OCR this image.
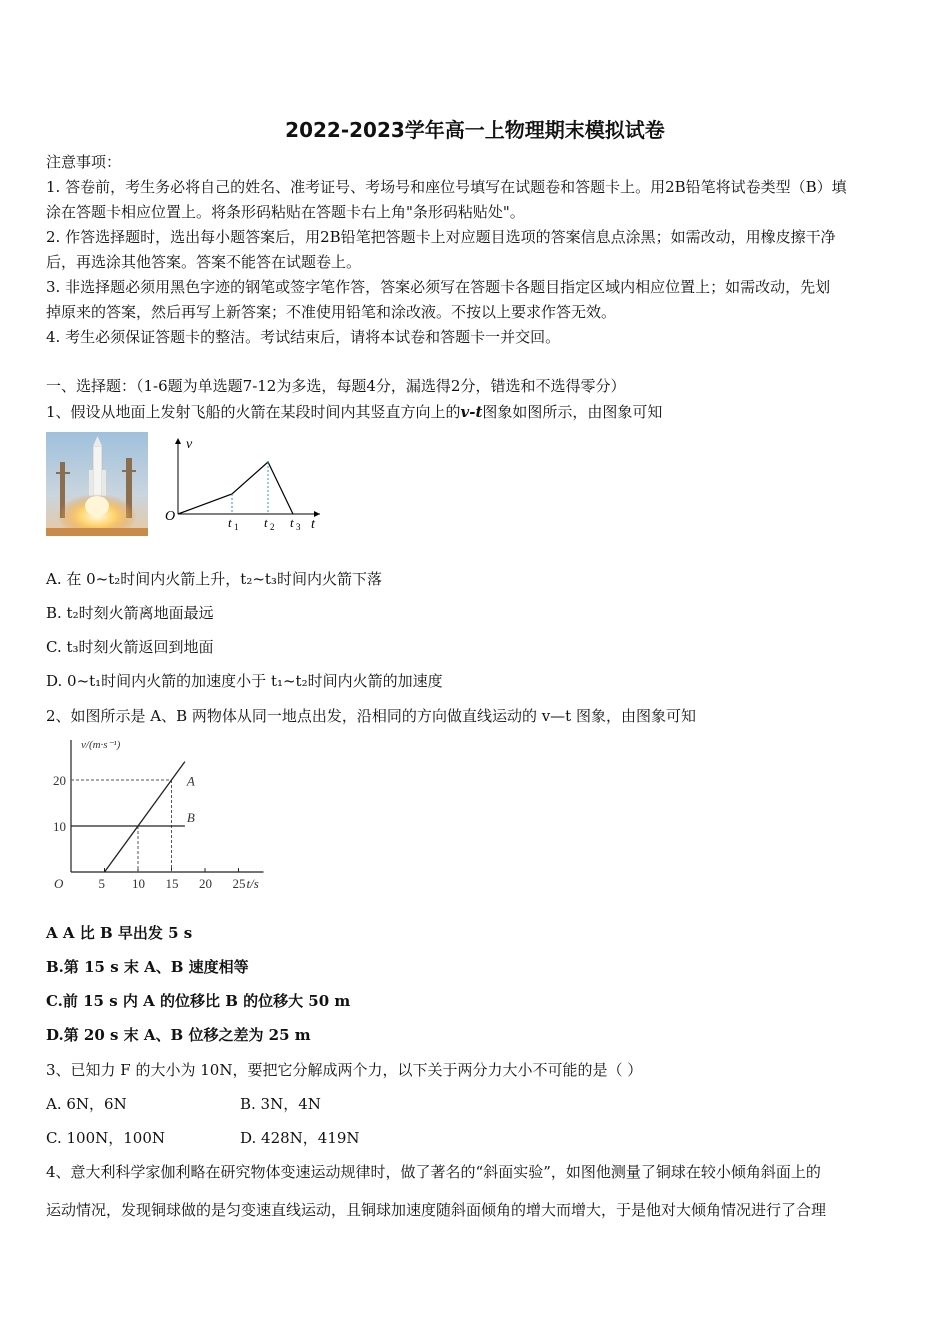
2022-2023学年高一上物理期末模拟试卷
注意事项：
1. 答卷前，考生务必将自己的姓名、准考证号、考场号和座位号填写在试题卷和答题卡上。用2B铅笔将试卷类型（B）填
涂在答题卡相应位置上。将条形码粘贴在答题卡右上角"条形码粘贴处"。
2. 作答选择题时，选出每小题答案后，用2B铅笔把答题卡上对应题目选项的答案信息点涂黑；如需改动，用橡皮擦干净
后，再选涂其他答案。答案不能答在试题卷上。
3. 非选择题必须用黑色字迹的钢笔或签字笔作答，答案必须写在答题卡各题目指定区域内相应位置上；如需改动，先划
掉原来的答案，然后再写上新答案；不准使用铅笔和涂改液。不按以上要求作答无效。
4. 考生必须保证答题卡的整洁。考试结束后，请将本试卷和答题卡一并交回。
一、选择题：（1-6题为单选题7-12为多选，每题4分，漏选得2分，错选和不选得零分）
1、假设从地面上发射飞船的火箭在某段时间内其竖直方向上的v-t图象如图所示，由图象可知
v
O
t
t 1 t 2 t 3
A. 在 0~t₂时间内火箭上升，t₂~t₃时间内火箭下落
B. t₂时刻火箭离地面最远
C. t₃时刻火箭返回到地面
D. 0~t₁时间内火箭的加速度小于 t₁~t₂时间内火箭的加速度
2、如图所示是 A、B 两物体从同一地点出发，沿相同的方向做直线运动的 v—t 图象，由图象可知
5 10 15 20 25
10
20
O	t/s
v/(m·s⁻¹)
A
B
A A 比 B 早出发 5 s
B.第 15 s 末 A、B 速度相等
C.前 15 s 内 A 的位移比 B 的位移大 50 m
D.第 20 s 末 A、B 位移之差为 25 m
3、已知力 F 的大小为 10N，要把它分解成两个力，以下关于两分力大小不可能的是（ ）
A. 6N，6N	B. 3N，4N
C. 100N，100N	D. 428N，419N
4、意大利科学家伽利略在研究物体变速运动规律时，做了著名的“斜面实验”，如图他测量了铜球在较小倾角斜面上的
运动情况，发现铜球做的是匀变速直线运动，且铜球加速度随斜面倾角的增大而增大，于是他对大倾角情况进行了合理
